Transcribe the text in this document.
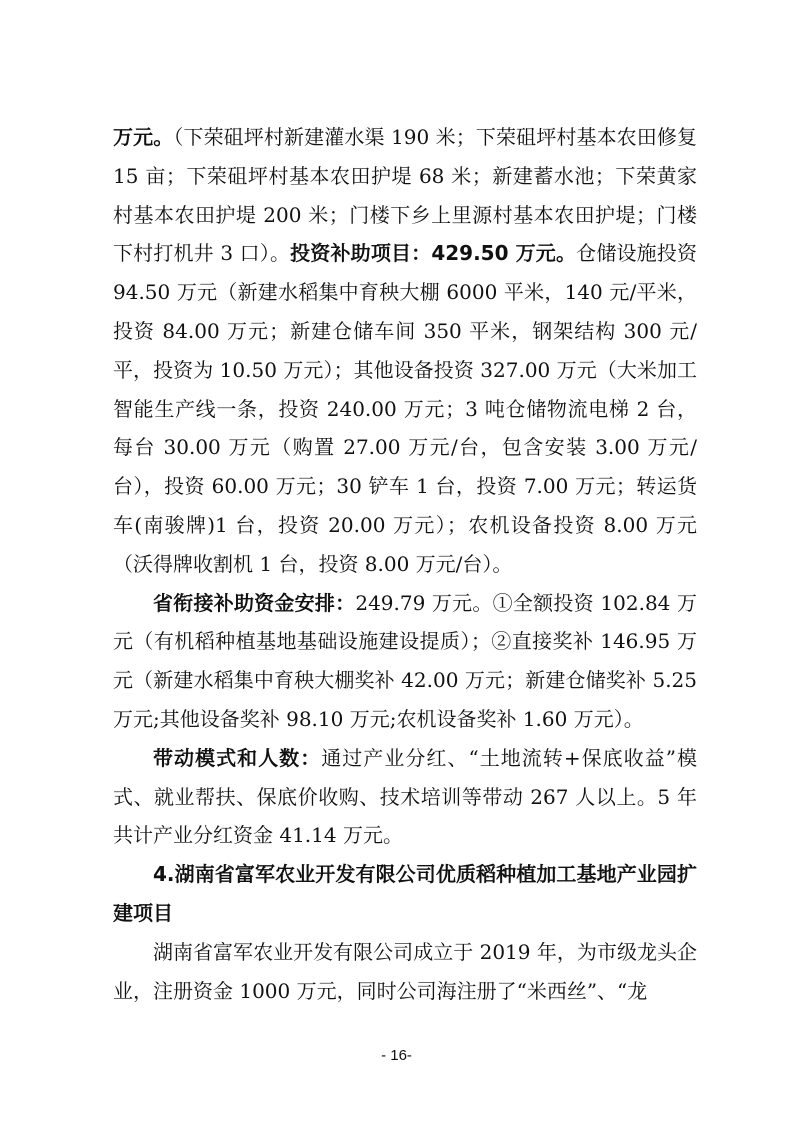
万元。（下荣砠坪村新建灌水渠 190 米；下荣砠坪村基本农田修复 15 亩；下荣砠坪村基本农田护堤 68 米；新建蓄水池；下荣黄家村基本农田护堤 200 米；门楼下乡上里源村基本农田护堤；门楼下村打机井 3 口）。投资补助项目：429.50 万元。仓储设施投资 94.50 万元（新建水稻集中育秧大棚 6000 平米，140 元/平米，投资 84.00 万元；新建仓储车间 350 平米，钢架结构 300 元/平，投资为 10.50 万元）；其他设备投资 327.00 万元（大米加工智能生产线一条，投资 240.00 万元；3 吨仓储物流电梯 2 台，每台 30.00 万元（购置 27.00 万元/台，包含安装 3.00 万元/台），投资 60.00 万元；30 铲车 1 台，投资 7.00 万元；转运货车(南骏牌)1 台，投资 20.00 万元）；农机设备投资 8.00 万元（沃得牌收割机 1 台，投资 8.00 万元/台）。

省衔接补助资金安排：249.79 万元。①全额投资 102.84 万元（有机稻种植基地基础设施建设提质）；②直接奖补 146.95 万元（新建水稻集中育秧大棚奖补 42.00 万元；新建仓储奖补 5.25 万元;其他设备奖补 98.10 万元;农机设备奖补 1.60 万元）。

带动模式和人数：通过产业分红、“土地流转+保底收益”模式、就业帮扶、保底价收购、技术培训等带动 267 人以上。5 年共计产业分红资金 41.14 万元。

4.湖南省富军农业开发有限公司优质稻种植加工基地产业园扩建项目

湖南省富军农业开发有限公司成立于 2019 年，为市级龙头企业，注册资金 1000 万元，同时公司海注册了“米西丝”、“龙

- 16-
